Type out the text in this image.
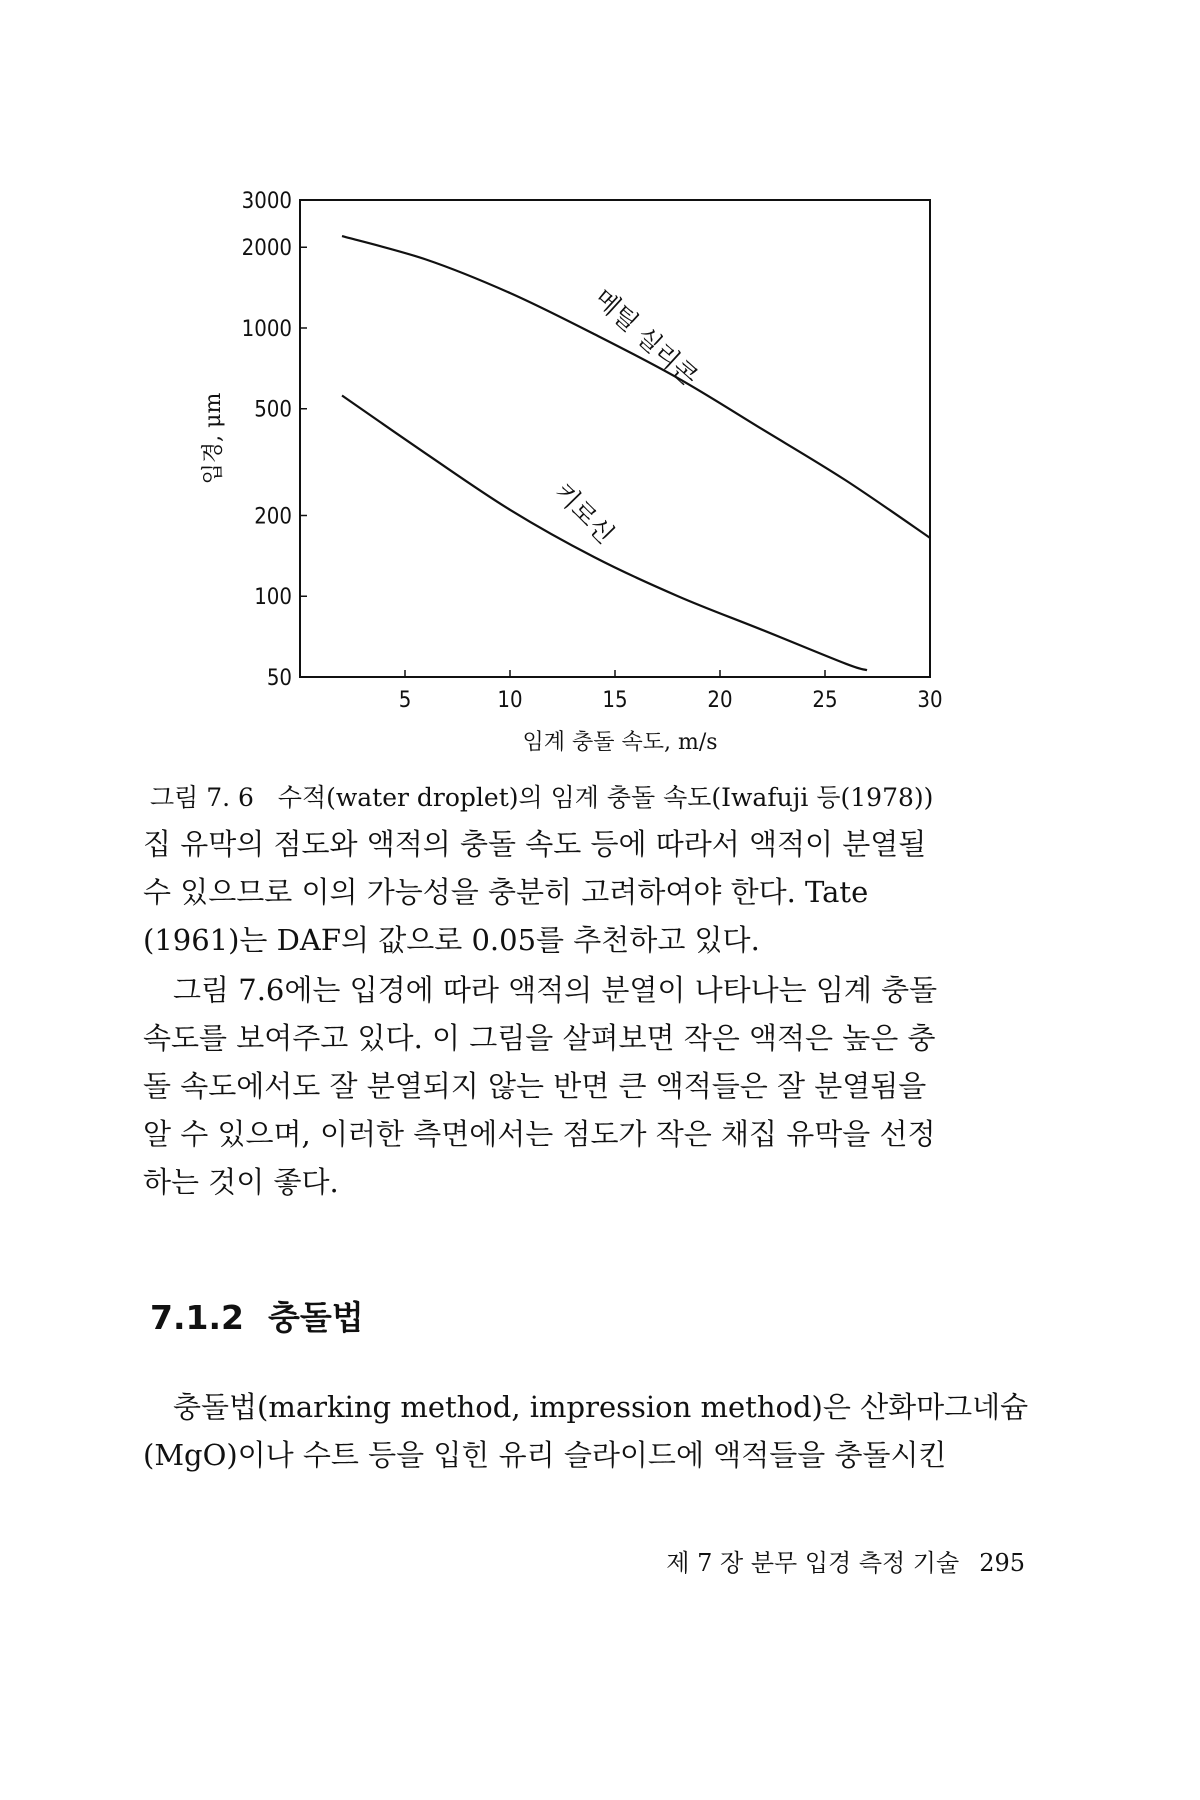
50
100
200
500
1000
2000
3000
5	10	15	20	25	30
임계 충돌 속도, m/s
입경, μm
메틸 실리콘
키로신
그림 7. 6 수적(water droplet)의 임계 충돌 속도(Iwafuji 등(1978))
집 유막의 점도와 액적의 충돌 속도 등에 따라서 액적이 분열될
수 있으므로 이의 가능성을 충분히 고려하여야 한다. Tate
(1961)는 DAF의 값으로 0.05를 추천하고 있다.
그림 7.6에는 입경에 따라 액적의 분열이 나타나는 임계 충돌
속도를 보여주고 있다. 이 그림을 살펴보면 작은 액적은 높은 충
돌 속도에서도 잘 분열되지 않는 반면 큰 액적들은 잘 분열됨을
알 수 있으며, 이러한 측면에서는 점도가 작은 채집 유막을 선정
하는 것이 좋다.
7.1.2 충돌법
충돌법(marking method, impression method)은 산화마그네슘
(MgO)이나 수트 등을 입힌 유리 슬라이드에 액적들을 충돌시킨
제 7 장 분무 입경 측정 기술 295
